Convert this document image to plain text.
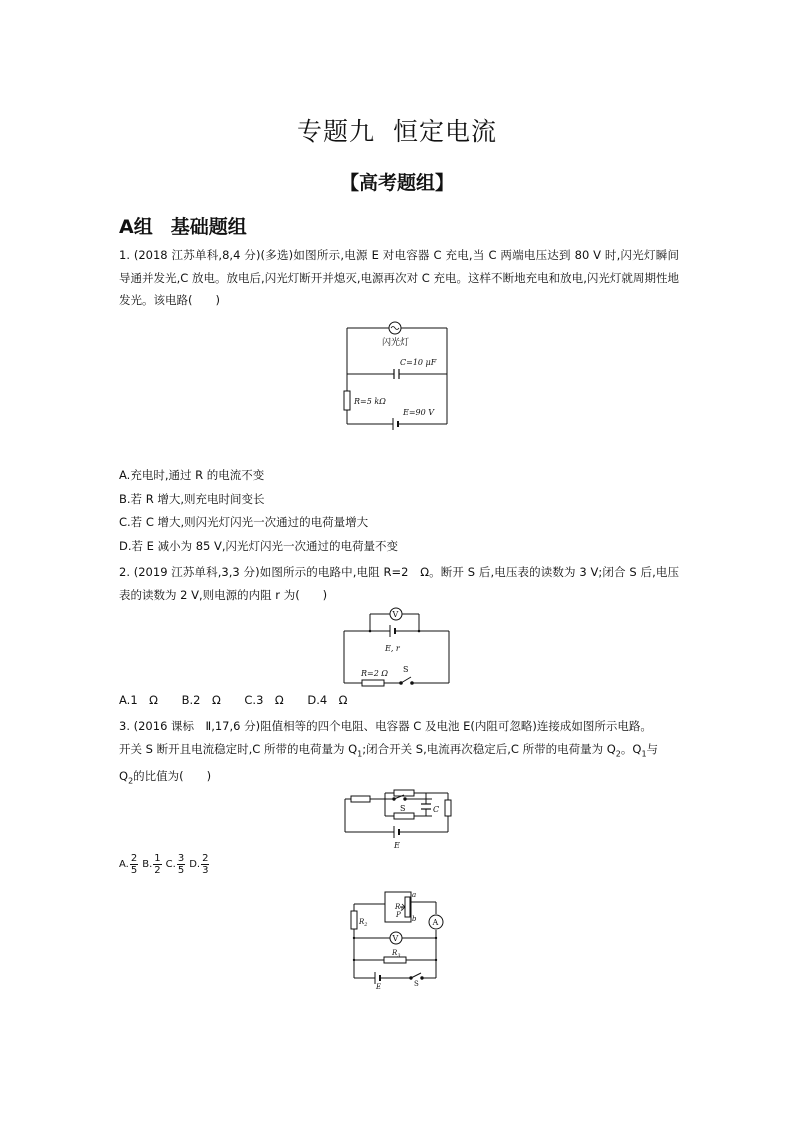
专题九 恒定电流
【高考题组】
A组 基础题组
1. (2018 江苏单科,8,4 分)(多选)如图所示,电源 E 对电容器 C 充电,当 C 两端电压达到 80 V 时,闪光灯瞬间导通并发光,C 放电。放电后,闪光灯断开并熄灭,电源再次对 C 充电。这样不断地充电和放电,闪光灯就周期性地发光。该电路(　　)
闪光灯
C=10 μF
R=5 kΩ
E=90 V
A.充电时,通过 R 的电流不变
B.若 R 增大,则充电时间变长
C.若 C 增大,则闪光灯闪光一次通过的电荷量增大
D.若 E 减小为 85 V,闪光灯闪光一次通过的电荷量不变
2. (2019 江苏单科,3,3 分)如图所示的电路中,电阻 R=2　Ω。断开 S 后,电压表的读数为 3 V;闭合 S 后,电压表的读数为 2 V,则电源的内阻 r 为(　　)
V
E, r
R=2 Ω S
A.1　Ω B.2　Ω C.3　Ω D.4　Ω
3. (2016 课标　Ⅱ,17,6 分)阻值相等的四个电阻、电容器 C 及电池 E(内阻可忽略)连接成如图所示电路。
开关 S 断开且电流稳定时,C 所带的电荷量为 $Q_1$;闭合开关 S,电流再次稳定后,C 所带的电荷量为 $Q_2$。$Q_1$与
$Q_2$的比值为(　　)
S	C
E
A. $\frac{2}{5} B$. $\frac{1}{2} C$. $\frac{3}{5} D$. $\frac{2}{3}$
A
V
a
b
$R_1$
P
$R_2$
$R_3$
E	S
